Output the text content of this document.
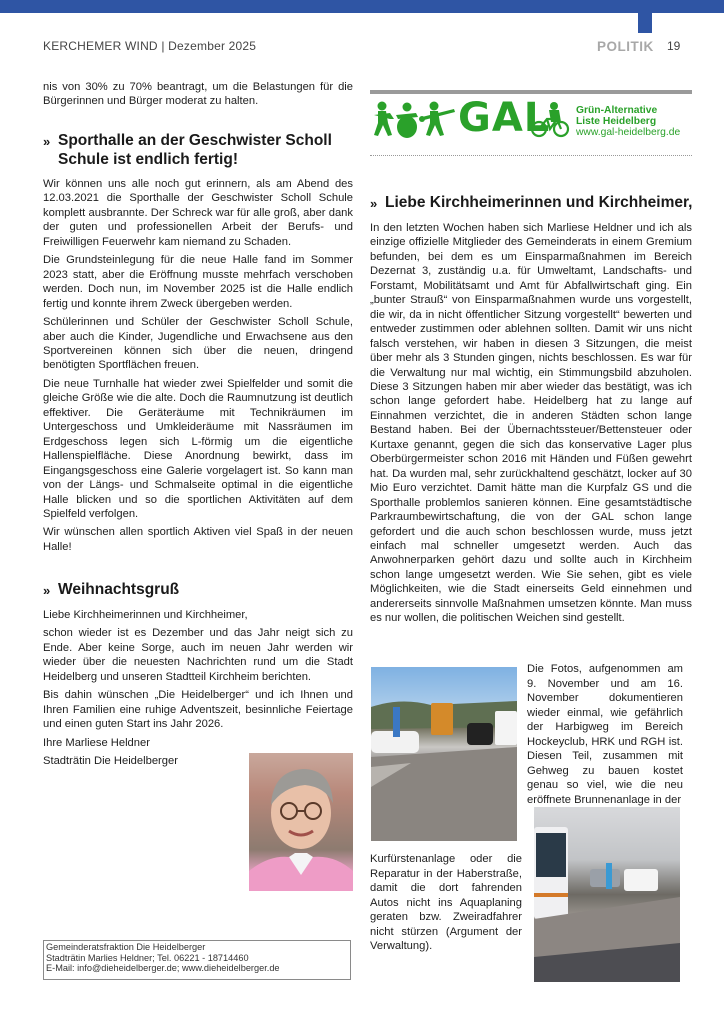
KERCHEMER WIND | Dezember 2025	POLITIK 19

nis von 30% zu 70% beantragt, um die Belastungen für die Bürgerinnen und Bürger moderat zu halten.

» Sporthalle an der Geschwister Scholl Schule ist endlich fertig!

Wir können uns alle noch gut erinnern, als am Abend des 12.03.2021 die Sporthalle der Geschwister Scholl Schule komplett ausbrannte. Der Schreck war für alle groß, aber dank der guten und professionellen Arbeit der Berufs- und Freiwilligen Feuerwehr kam niemand zu Schaden.

Die Grundsteinlegung für die neue Halle fand im Sommer 2023 statt, aber die Eröffnung musste mehrfach verschoben werden. Doch nun, im November 2025 ist die Halle endlich fertig und konnte ihrem Zweck übergeben werden.

Schülerinnen und Schüler der Geschwister Scholl Schule, aber auch die Kinder, Jugendliche und Erwachsene aus den Sportvereinen können sich über die neuen, dringend benötigten Sportflächen freuen.

Die neue Turnhalle hat wieder zwei Spielfelder und somit die gleiche Größe wie die alte. Doch die Raumnutzung ist deutlich effektiver. Die Geräteräume mit Technikräumen im Untergeschoss und Umkleideräume mit Nassräumen im Erdgeschoss legen sich L-förmig um die eigentliche Hallenspielfläche. Diese Anordnung bewirkt, dass im Eingangsgeschoss eine Galerie vorgelagert ist. So kann man von der Längs- und Schmalseite optimal in die eigentliche Halle blicken und so die sportlichen Aktivitäten auf dem Spielfeld verfolgen.

Wir wünschen allen sportlich Aktiven viel Spaß in der neuen Halle!

» Weihnachtsgruß

Liebe Kirchheimerinnen und Kirchheimer,

schon wieder ist es Dezember und das Jahr neigt sich zu Ende. Aber keine Sorge, auch im neuen Jahr werden wir wieder über die neuesten Nachrichten rund um die Stadt Heidelberg und unseren Stadtteil Kirchheim berichten.

Bis dahin wünschen „Die Heidelberger“ und ich Ihnen und Ihren Familien eine ruhige Adventszeit, besinnliche Feiertage und einen guten Start ins Jahr 2026.

Ihre Marliese Heldner

Stadträtin Die Heidelberger

Gemeinderatsfraktion Die Heidelberger
Stadträtin Marlies Heldner; Tel. 06221 - 18714460
E-Mail: info@dieheidelberger.de; www.dieheidelberger.de
GAL Grün-Alternative
Liste Heidelberg
www.gal-heidelberg.de
» Liebe Kirchheimerinnen und Kirchheimer,

In den letzten Wochen haben sich Marliese Heldner und ich als einzige offizielle Mitglieder des Gemeinderats in einem Gremium befunden, bei dem es um Einsparmaßnahmen im Bereich Dezernat 3, zuständig u.a. für Umweltamt, Landschafts- und Forstamt, Mobilitätsamt und Amt für Abfallwirtschaft ging. Ein „bunter Strauß“ von Einsparmaßnahmen wurde uns vorgestellt, die wir, da in nicht öffentlicher Sitzung vorgestellt“ bewerten und entweder zustimmen oder ablehnen sollten. Damit wir uns nicht falsch verstehen, wir haben in diesen 3 Sitzungen, die meist über mehr als 3 Stunden gingen, nichts beschlossen. Es war für die Verwaltung nur mal wichtig, ein Stimmungsbild abzuholen. Diese 3 Sitzungen haben mir aber wieder das bestätigt, was ich schon lange gefordert habe. Heidelberg hat zu lange auf Einnahmen verzichtet, die in anderen Städten schon lange Bestand haben. Bei der Übernachtssteuer/Bettensteuer oder Kurtaxe genannt, gegen die sich das konservative Lager plus Oberbürgermeister schon 2016 mit Händen und Füßen gewehrt hat. Da wurden mal, sehr zurückhaltend geschätzt, locker auf 30 Mio Euro verzichtet. Damit hätte man die Kurpfalz GS und die Sporthalle problemlos sanieren können. Eine gesamtstädtische Parkraumbewirtschaftung, die von der GAL schon lange gefordert und die auch schon beschlossen wurde, muss jetzt einfach mal schneller umgesetzt werden. Auch das Anwohnerparken gehört dazu und sollte auch in Kirchheim schon lange umgesetzt werden. Wie Sie sehen, gibt es viele Möglichkeiten, wie die Stadt einerseits Geld einnehmen und andererseits sinnvolle Maßnahmen umsetzen könnte. Man muss es nur wollen, die politischen Weichen sind gestellt.

Die Fotos, aufgenommen am 9. November und am 16. November dokumentieren wieder einmal, wie gefährlich der Harbigweg im Bereich Hockeyclub, HRK und RGH ist. Diesen Teil, zusammen mit Gehweg zu bauen kostet genau so viel, wie die neu eröffnete Brunnenanlage in der
Kurfürstenanlage oder die Reparatur in der Haberstraße, damit die dort fahrenden Autos nicht ins Aquaplaning geraten bzw. Zweiradfahrer nicht stürzen (Argument der Verwaltung).
